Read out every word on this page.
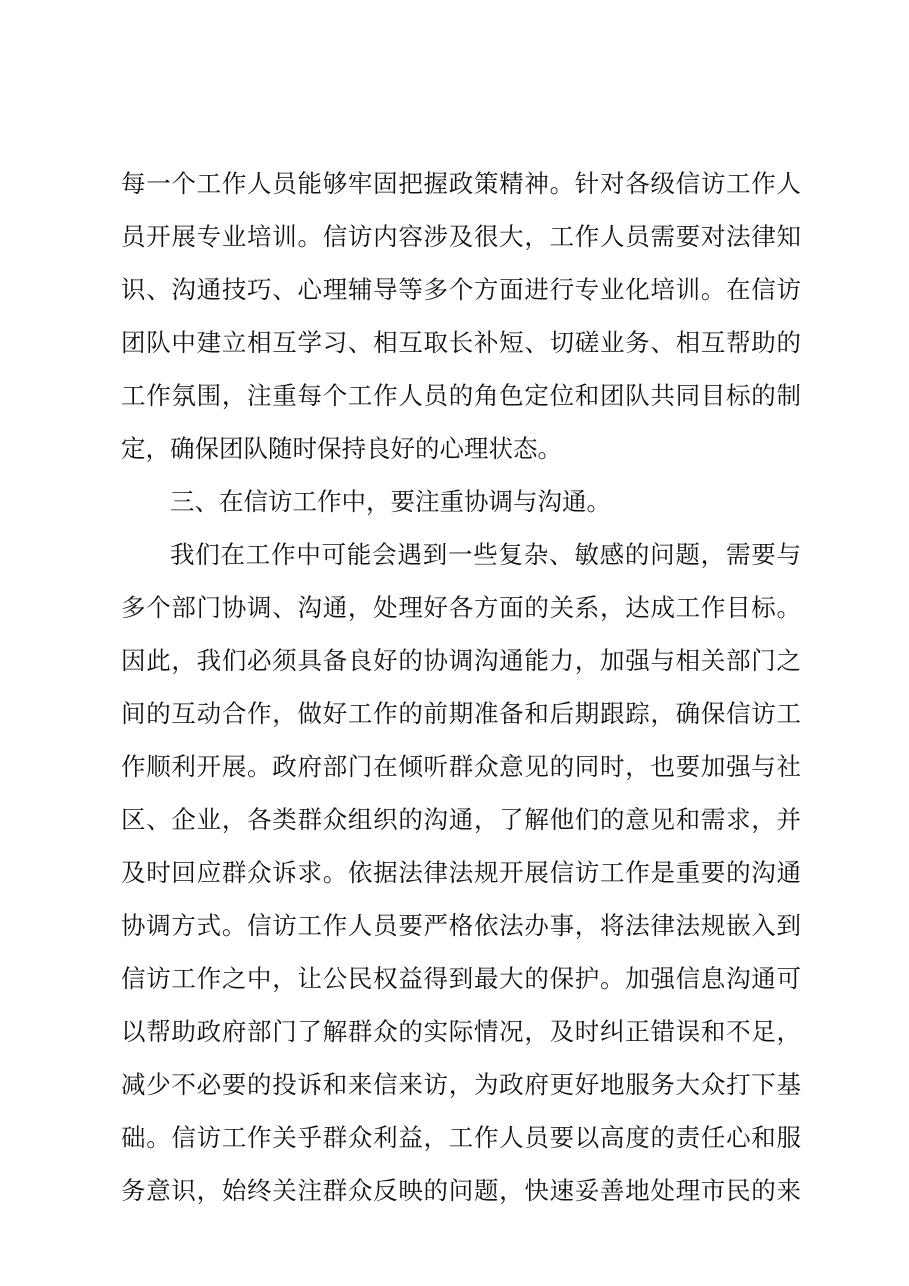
每一个工作人员能够牢固把握政策精神。针对各级信访工作人
员开展专业培训。信访内容涉及很大，工作人员需要对法律知
识、沟通技巧、心理辅导等多个方面进行专业化培训。在信访
团队中建立相互学习、相互取长补短、切磋业务、相互帮助的
工作氛围，注重每个工作人员的角色定位和团队共同目标的制
定，确保团队随时保持良好的心理状态。
三、在信访工作中，要注重协调与沟通。
我们在工作中可能会遇到一些复杂、敏感的问题，需要与
多个部门协调、沟通，处理好各方面的关系，达成工作目标。
因此，我们必须具备良好的协调沟通能力，加强与相关部门之
间的互动合作，做好工作的前期准备和后期跟踪，确保信访工
作顺利开展。政府部门在倾听群众意见的同时，也要加强与社
区、企业，各类群众组织的沟通，了解他们的意见和需求，并
及时回应群众诉求。依据法律法规开展信访工作是重要的沟通
协调方式。信访工作人员要严格依法办事，将法律法规嵌入到
信访工作之中，让公民权益得到最大的保护。加强信息沟通可
以帮助政府部门了解群众的实际情况，及时纠正错误和不足，
减少不必要的投诉和来信来访，为政府更好地服务大众打下基
础。信访工作关乎群众利益，工作人员要以高度的责任心和服
务意识，始终关注群众反映的问题，快速妥善地处理市民的来
